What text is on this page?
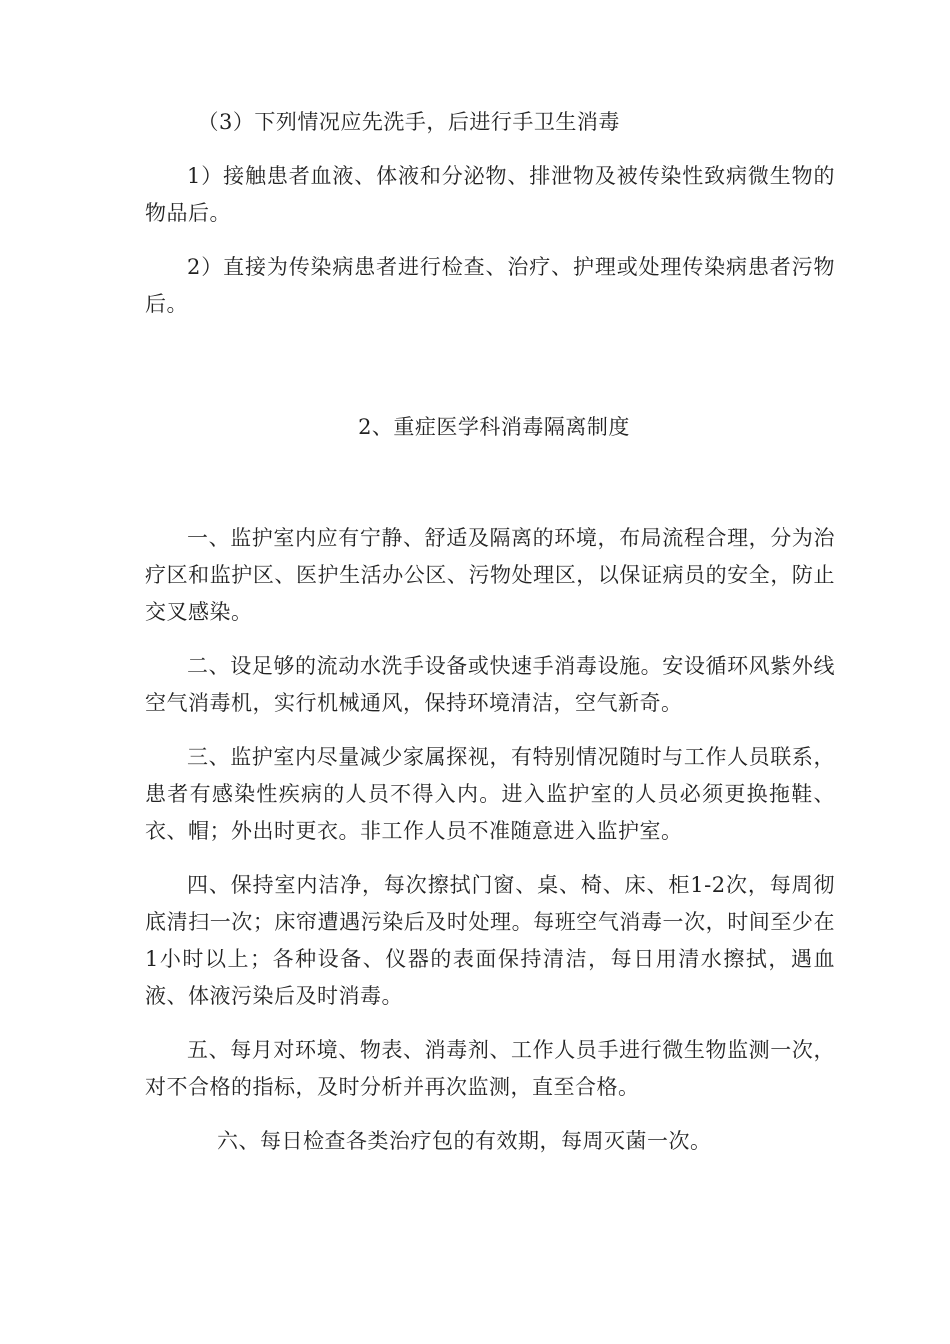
（3）下列情况应先洗手，后进行手卫生消毒

1）接触患者血液、体液和分泌物、排泄物及被传染性致病微生物的物品后。

2）直接为传染病患者进行检查、治疗、护理或处理传染病患者污物后。

2、重症医学科消毒隔离制度

一、监护室内应有宁静、舒适及隔离的环境，布局流程合理，分为治疗区和监护区、医护生活办公区、污物处理区，以保证病员的安全，防止交叉感染。

二、设足够的流动水洗手设备或快速手消毒设施。安设循环风紫外线空气消毒机，实行机械通风，保持环境清洁，空气新奇。

三、监护室内尽量减少家属探视，有特别情况随时与工作人员联系，患者有感染性疾病的人员不得入内。进入监护室的人员必须更换拖鞋、衣、帽；外出时更衣。非工作人员不准随意进入监护室。

四、保持室内洁净，每次擦拭门窗、桌、椅、床、柜1-2次，每周彻底清扫一次；床帘遭遇污染后及时处理。每班空气消毒一次，时间至少在1小时以上；各种设备、仪器的表面保持清洁，每日用清水擦拭，遇血液、体液污染后及时消毒。

五、每月对环境、物表、消毒剂、工作人员手进行微生物监测一次，对不合格的指标，及时分析并再次监测，直至合格。

六、每日检查各类治疗包的有效期，每周灭菌一次。
